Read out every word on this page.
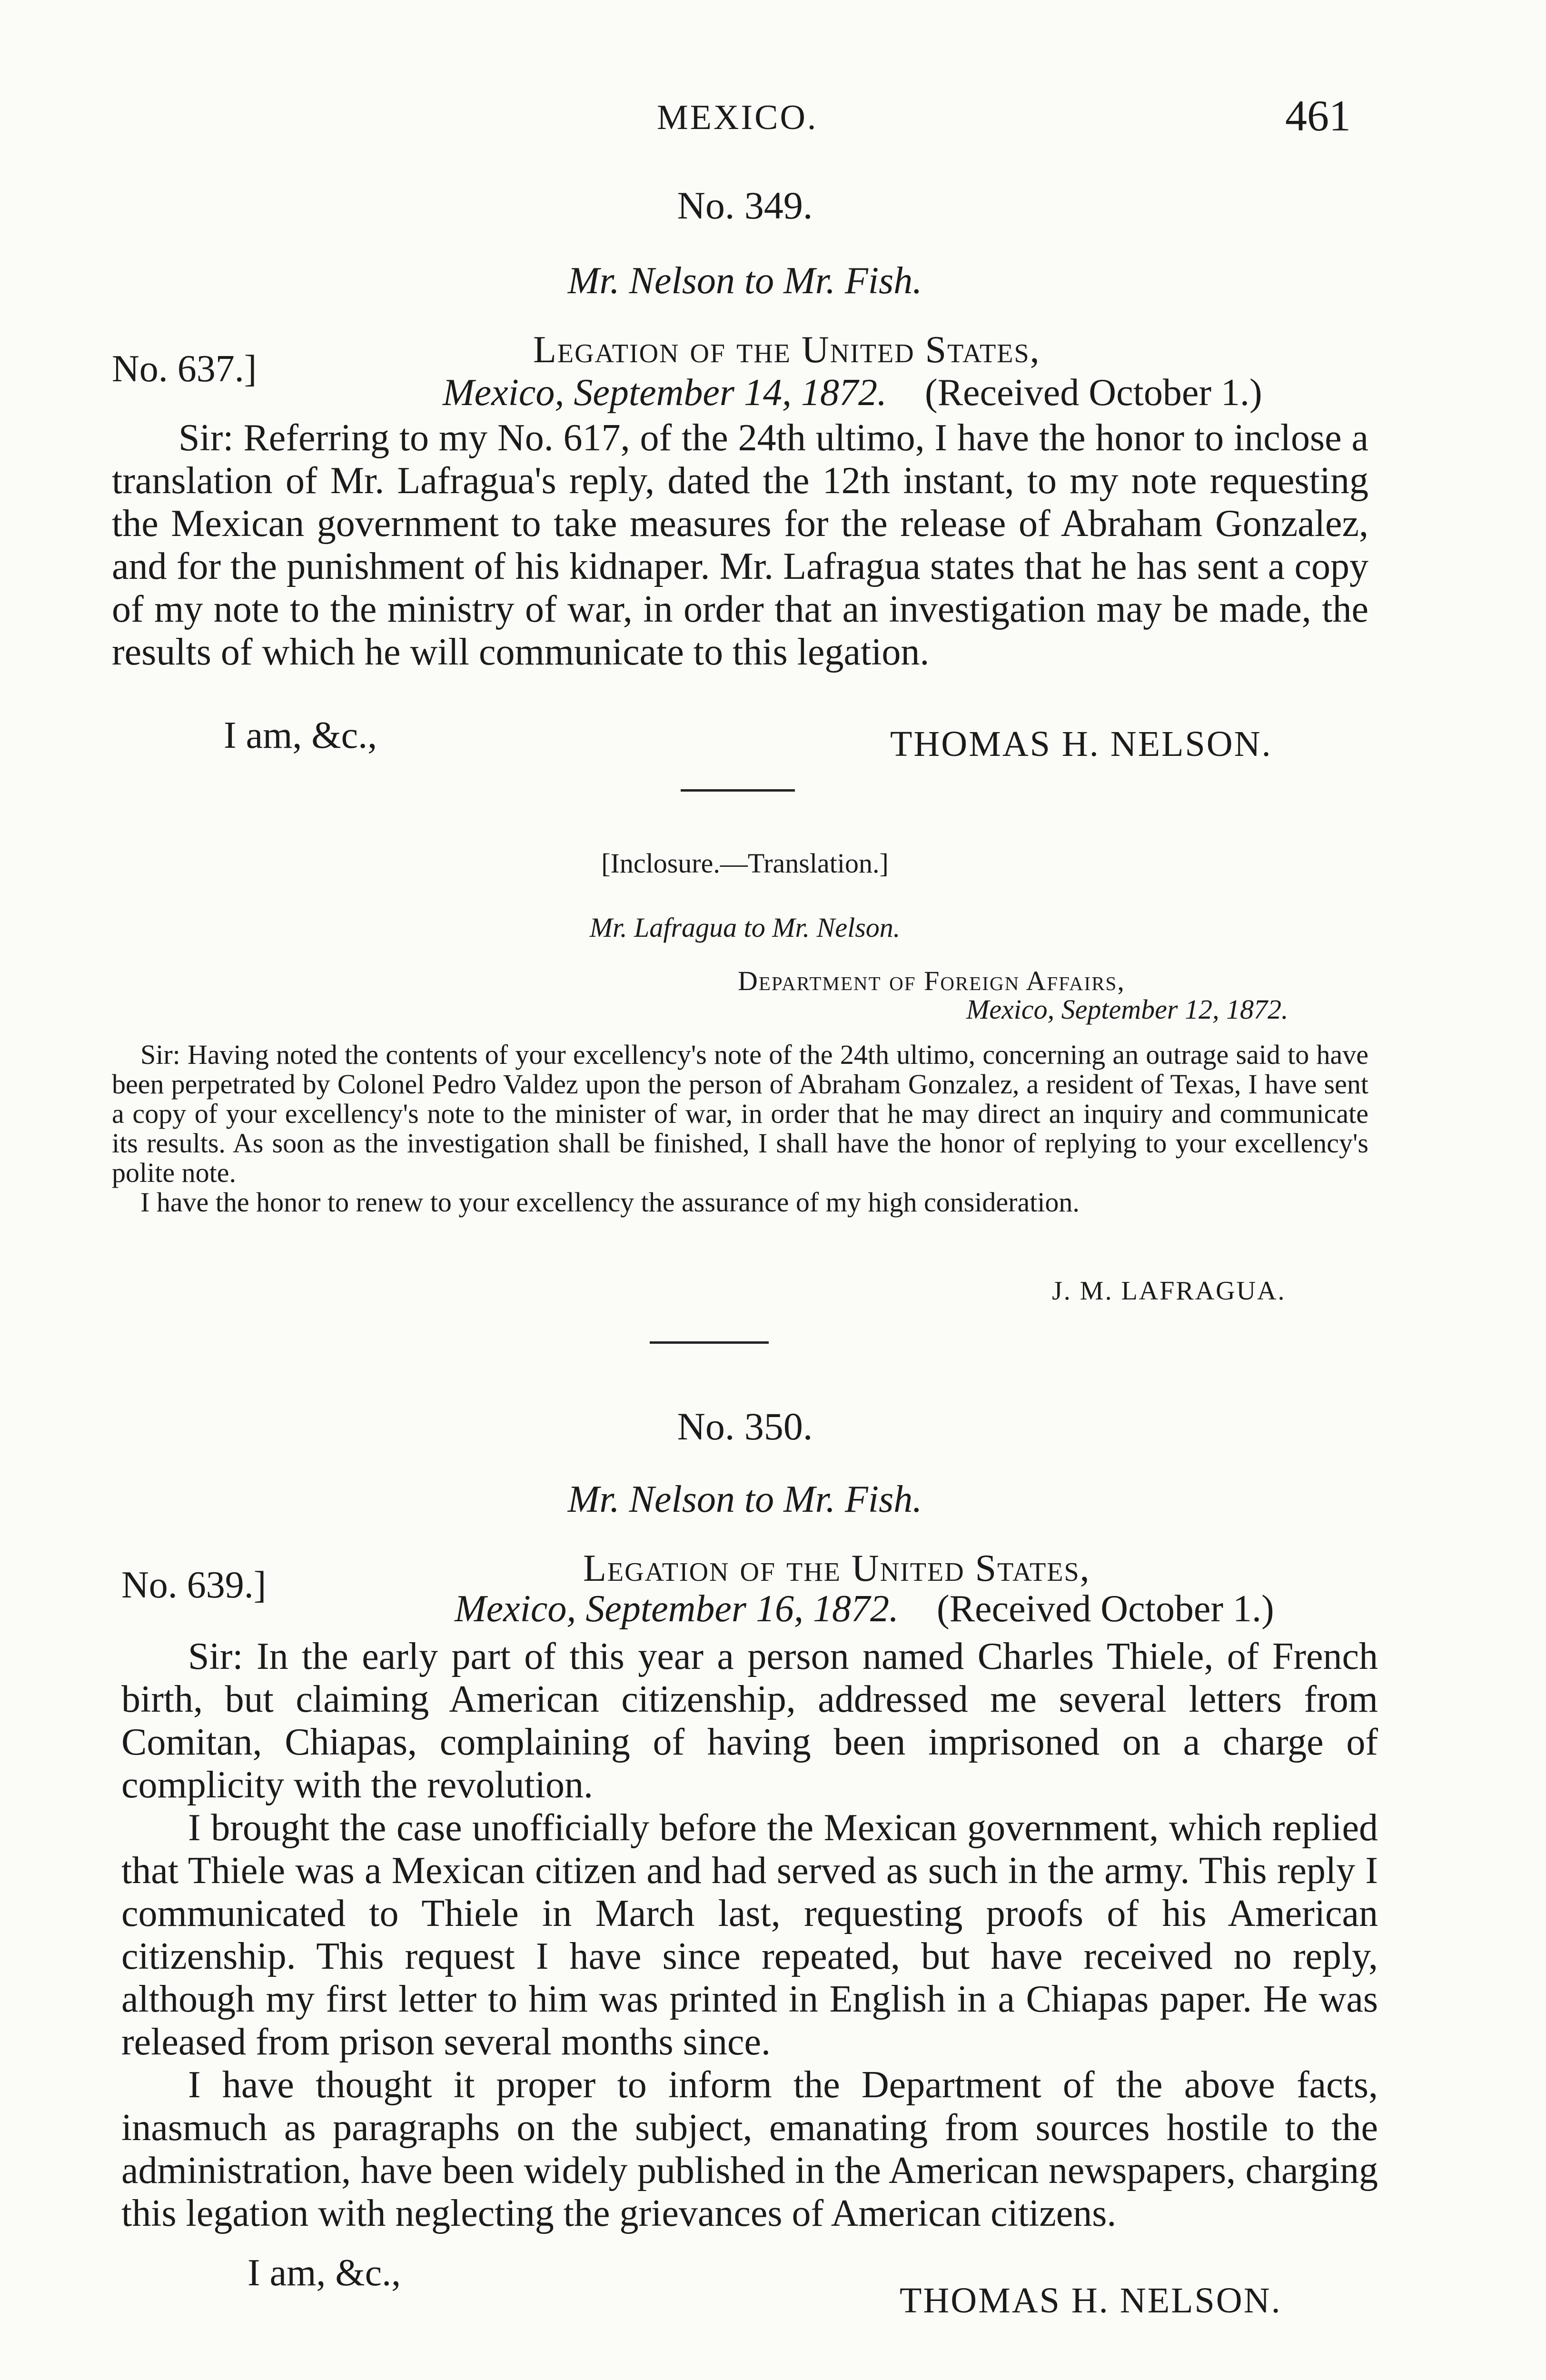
MEXICO.	461
No. 349.
Mr. Nelson to Mr. Fish.
No. 637.]	Legation of the United States,
Mexico, September 14, 1872. (Received October 1.)

Sir: Referring to my No. 617, of the 24th ultimo, I have the honor to inclose a translation of Mr. Lafragua's reply, dated the 12th instant, to my note requesting the Mexican government to take measures for the release of Abraham Gonzalez, and for the punishment of his kidnaper. Mr. Lafragua states that he has sent a copy of my note to the ministry of war, in order that an investigation may be made, the results of which he will communicate to this legation.

I am, &c.,	THOMAS H. NELSON.
[Inclosure.—Translation.]
Mr. Lafragua to Mr. Nelson.
Department of Foreign Affairs,
Mexico, September 12, 1872.

Sir: Having noted the contents of your excellency's note of the 24th ultimo, concerning an outrage said to have been perpetrated by Colonel Pedro Valdez upon the person of Abraham Gonzalez, a resident of Texas, I have sent a copy of your excellency's note to the minister of war, in order that he may direct an inquiry and communicate its results. As soon as the investigation shall be finished, I shall have the honor of replying to your excellency's polite note.

I have the honor to renew to your excellency the assurance of my high consideration.

J. M. LAFRAGUA.
No. 350.
Mr. Nelson to Mr. Fish.
No. 639.]	Legation of the United States,
Mexico, September 16, 1872. (Received October 1.)

Sir: In the early part of this year a person named Charles Thiele, of French birth, but claiming American citizenship, addressed me several letters from Comitan, Chiapas, complaining of having been imprisoned on a charge of complicity with the revolution.

I brought the case unofficially before the Mexican government, which replied that Thiele was a Mexican citizen and had served as such in the army. This reply I communicated to Thiele in March last, requesting proofs of his American citizenship. This request I have since repeated, but have received no reply, although my first letter to him was printed in English in a Chiapas paper. He was released from prison several months since.

I have thought it proper to inform the Department of the above facts, inasmuch as paragraphs on the subject, emanating from sources hostile to the administration, have been widely published in the American newspapers, charging this legation with neglecting the grievances of American citizens.

I am, &c.,
THOMAS H. NELSON.
